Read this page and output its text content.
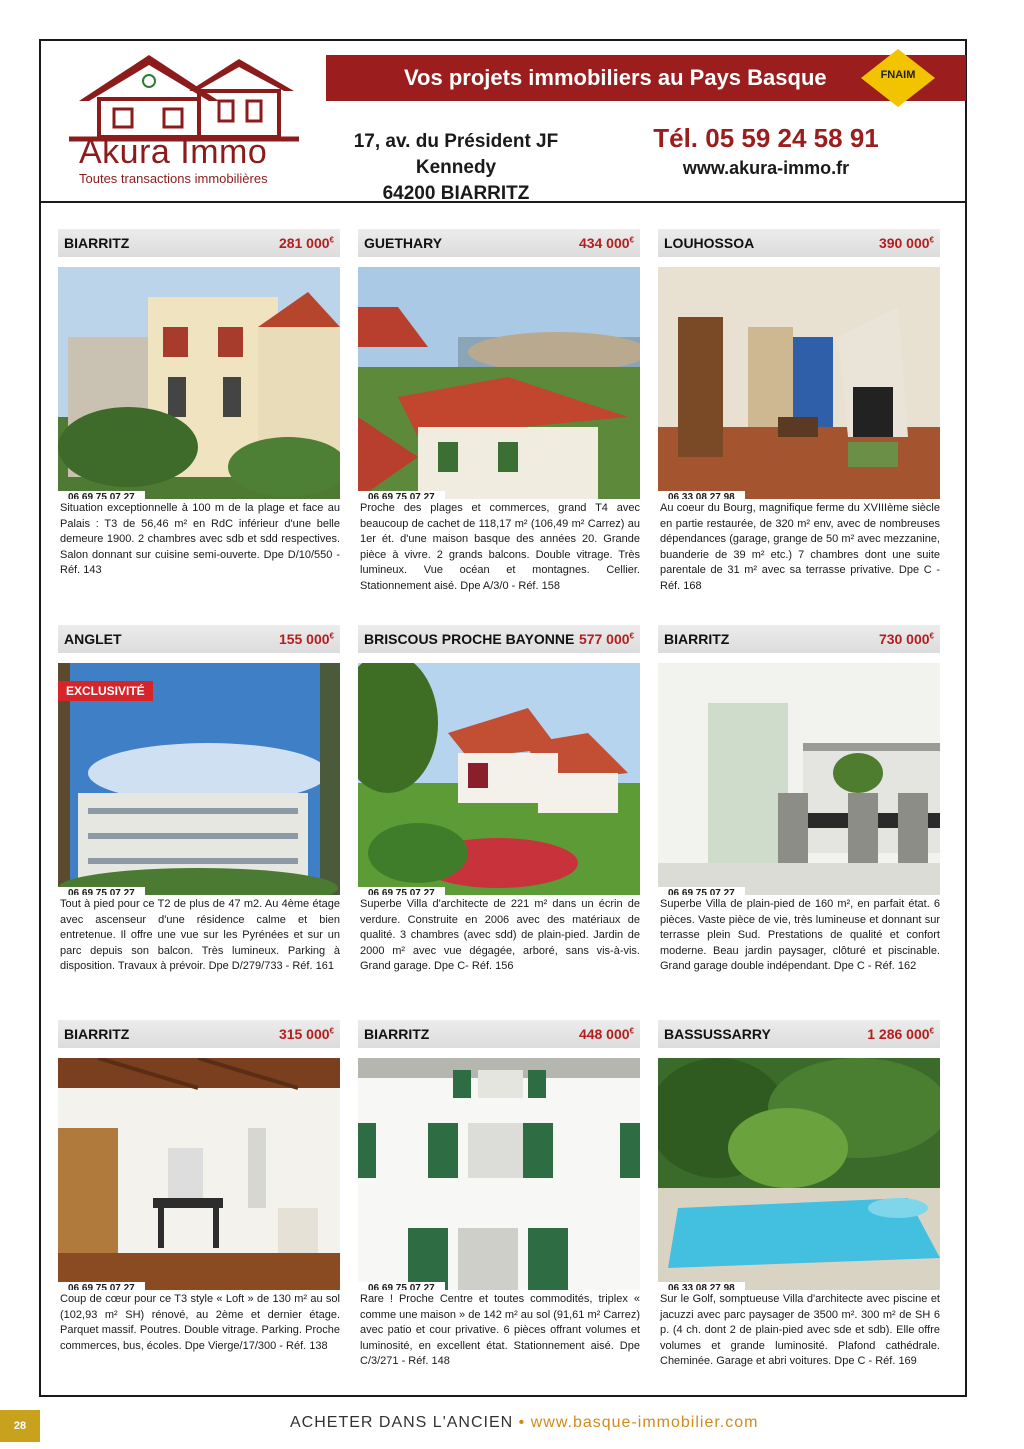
Akura Immo
Toutes transactions immobilières
Vos projets immobiliers au Pays Basque	FNAIM
17, av. du Président JF Kennedy
64200 BIARRITZ
Tél. 05 59 24 58 91
www.akura-immo.fr
BIARRITZ	281 000€
06 69 75 07 27
Situation exceptionnelle à 100 m de la plage et face au Palais : T3 de 56,46 m² en RdC inférieur d'une belle demeure 1900. 2 chambres avec sdb et sdd respectives. Salon donnant sur cuisine semi-ouverte. Dpe D/10/550 - Réf. 143
GUETHARY	434 000€
06 69 75 07 27
Proche des plages et commerces, grand T4 avec beaucoup de cachet de 118,17 m² (106,49 m² Carrez) au 1er ét. d'une maison basque des années 20. Grande pièce à vivre. 2 grands balcons. Double vitrage. Très lumineux. Vue océan et montagnes. Cellier. Stationnement aisé. Dpe A/3/0 - Réf. 158
LOUHOSSOA	390 000€
06 33 08 27 98
Au coeur du Bourg, magnifique ferme du XVIIIème siècle en partie restaurée, de 320 m² env, avec de nombreuses dépendances (garage, grange de 50 m² avec mezzanine, buanderie de 39 m² etc.) 7 chambres dont une suite parentale de 31 m² avec sa terrasse privative. Dpe C - Réf. 168
ANGLET	155 000€
EXCLUSIVITÉ
06 69 75 07 27
Tout à pied pour ce T2 de plus de 47 m2. Au 4ème étage avec ascenseur d'une résidence calme et bien entretenue. Il offre une vue sur les Pyrénées et sur un parc depuis son balcon. Très lumineux. Parking à disposition. Travaux à prévoir. Dpe D/279/733 - Réf. 161
BRISCOUS PROCHE BAYONNE 577 000€
06 69 75 07 27
Superbe Villa d'architecte de 221 m² dans un écrin de verdure. Construite en 2006 avec des matériaux de qualité. 3 chambres (avec sdd) de plain-pied. Jardin de 2000 m² avec vue dégagée, arboré, sans vis-à-vis. Grand garage. Dpe C- Réf. 156
BIARRITZ	730 000€
06 69 75 07 27
Superbe Villa de plain-pied de 160 m², en parfait état. 6 pièces. Vaste pièce de vie, très lumineuse et donnant sur terrasse plein Sud. Prestations de qualité et confort moderne. Beau jardin paysager, clôturé et piscinable. Grand garage double indépendant. Dpe C - Réf. 162
BIARRITZ	315 000€
06 69 75 07 27
Coup de cœur pour ce T3 style « Loft » de 130 m² au sol (102,93 m² SH) rénové, au 2ème et dernier étage. Parquet massif. Poutres. Double vitrage. Parking. Proche commerces, bus, écoles. Dpe Vierge/17/300 - Réf. 138
BIARRITZ	448 000€
06 69 75 07 27
Rare ! Proche Centre et toutes commodités, triplex « comme une maison » de 142 m² au sol (91,61 m² Carrez) avec patio et cour privative. 6 pièces offrant volumes et luminosité, en excellent état. Stationnement aisé. Dpe C/3/271 - Réf. 148
BASSUSSARRY	1 286 000€
06 33 08 27 98
Sur le Golf, somptueuse Villa d'architecte avec piscine et jacuzzi avec parc paysager de 3500 m². 300 m² de SH 6 p. (4 ch. dont 2 de plain-pied avec sde et sdb). Elle offre volumes et grande luminosité. Plafond cathédrale. Cheminée. Garage et abri voitures. Dpe C - Réf. 169
28	ACHETER DANS L'ANCIEN • www.basque-immobilier.com
